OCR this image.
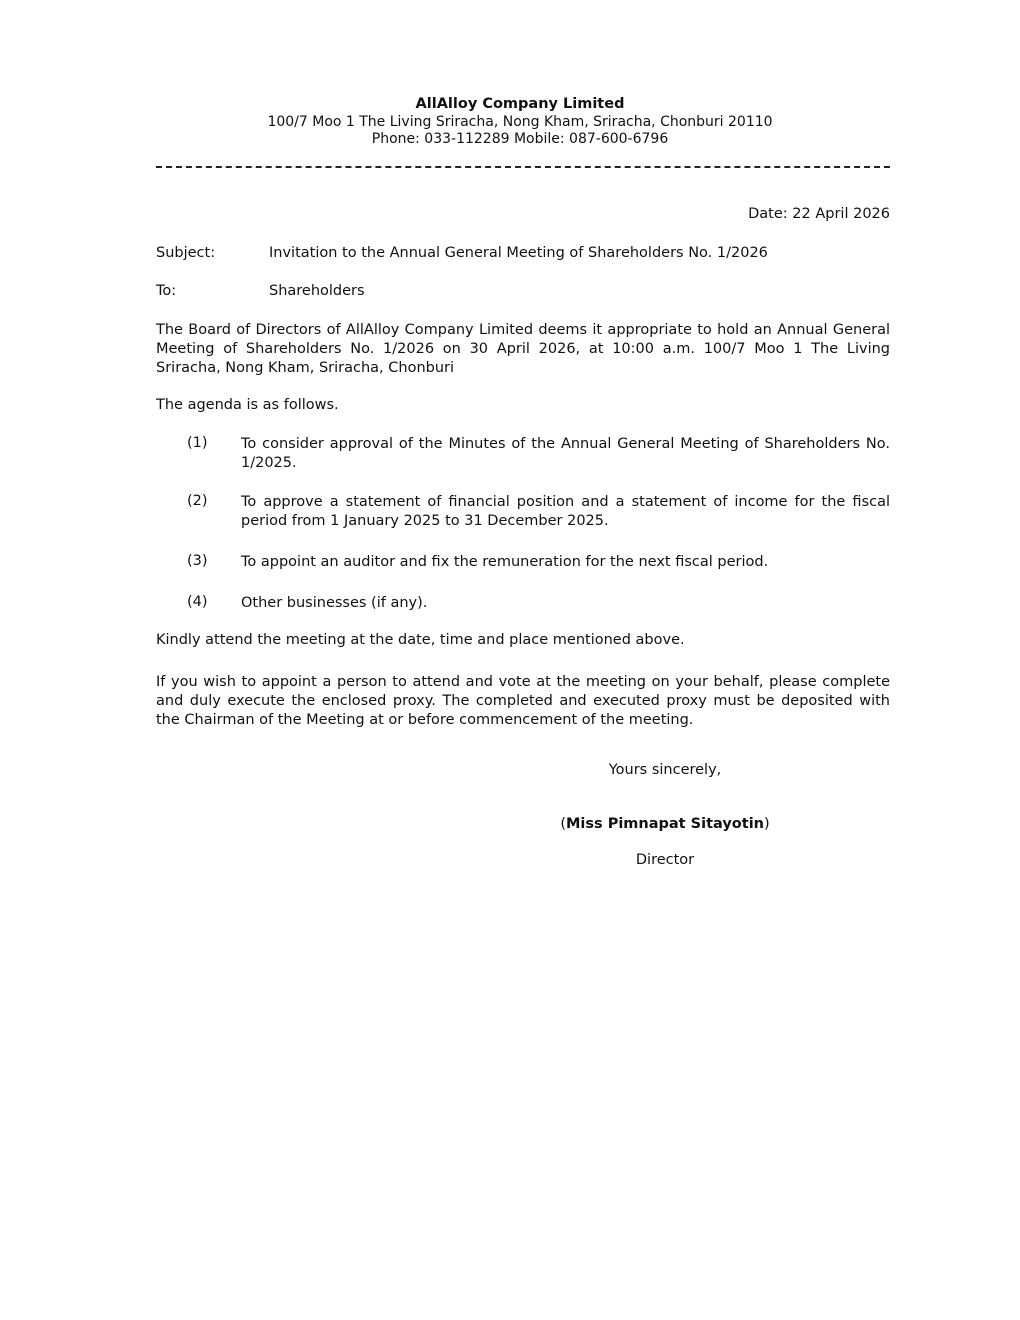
AllAlloy Company Limited
100/7 Moo 1 The Living Sriracha, Nong Kham, Sriracha, Chonburi 20110
Phone: 033-112289 Mobile: 087-600-6796
Date: 22 April 2026
Subject:	Invitation to the Annual General Meeting of Shareholders No. 1/2026
To:	Shareholders
The Board of Directors of AllAlloy Company Limited deems it appropriate to hold an Annual General Meeting of Shareholders No. 1/2026 on 30 April 2026, at 10:00 a.m. 100/7 Moo 1 The Living Sriracha, Nong Kham, Sriracha, Chonburi
The agenda is as follows.
(1) To consider approval of the Minutes of the Annual General Meeting of Shareholders No. 1/2025.
(2) To approve a statement of financial position and a statement of income for the fiscal period from 1 January 2025 to 31 December 2025.
(3) To appoint an auditor and fix the remuneration for the next fiscal period.
(4) Other businesses (if any).
Kindly attend the meeting at the date, time and place mentioned above.
If you wish to appoint a person to attend and vote at the meeting on your behalf, please complete and duly execute the enclosed proxy. The completed and executed proxy must be deposited with the Chairman of the Meeting at or before commencement of the meeting.
Yours sincerely,
(Miss Pimnapat Sitayotin)
Director
